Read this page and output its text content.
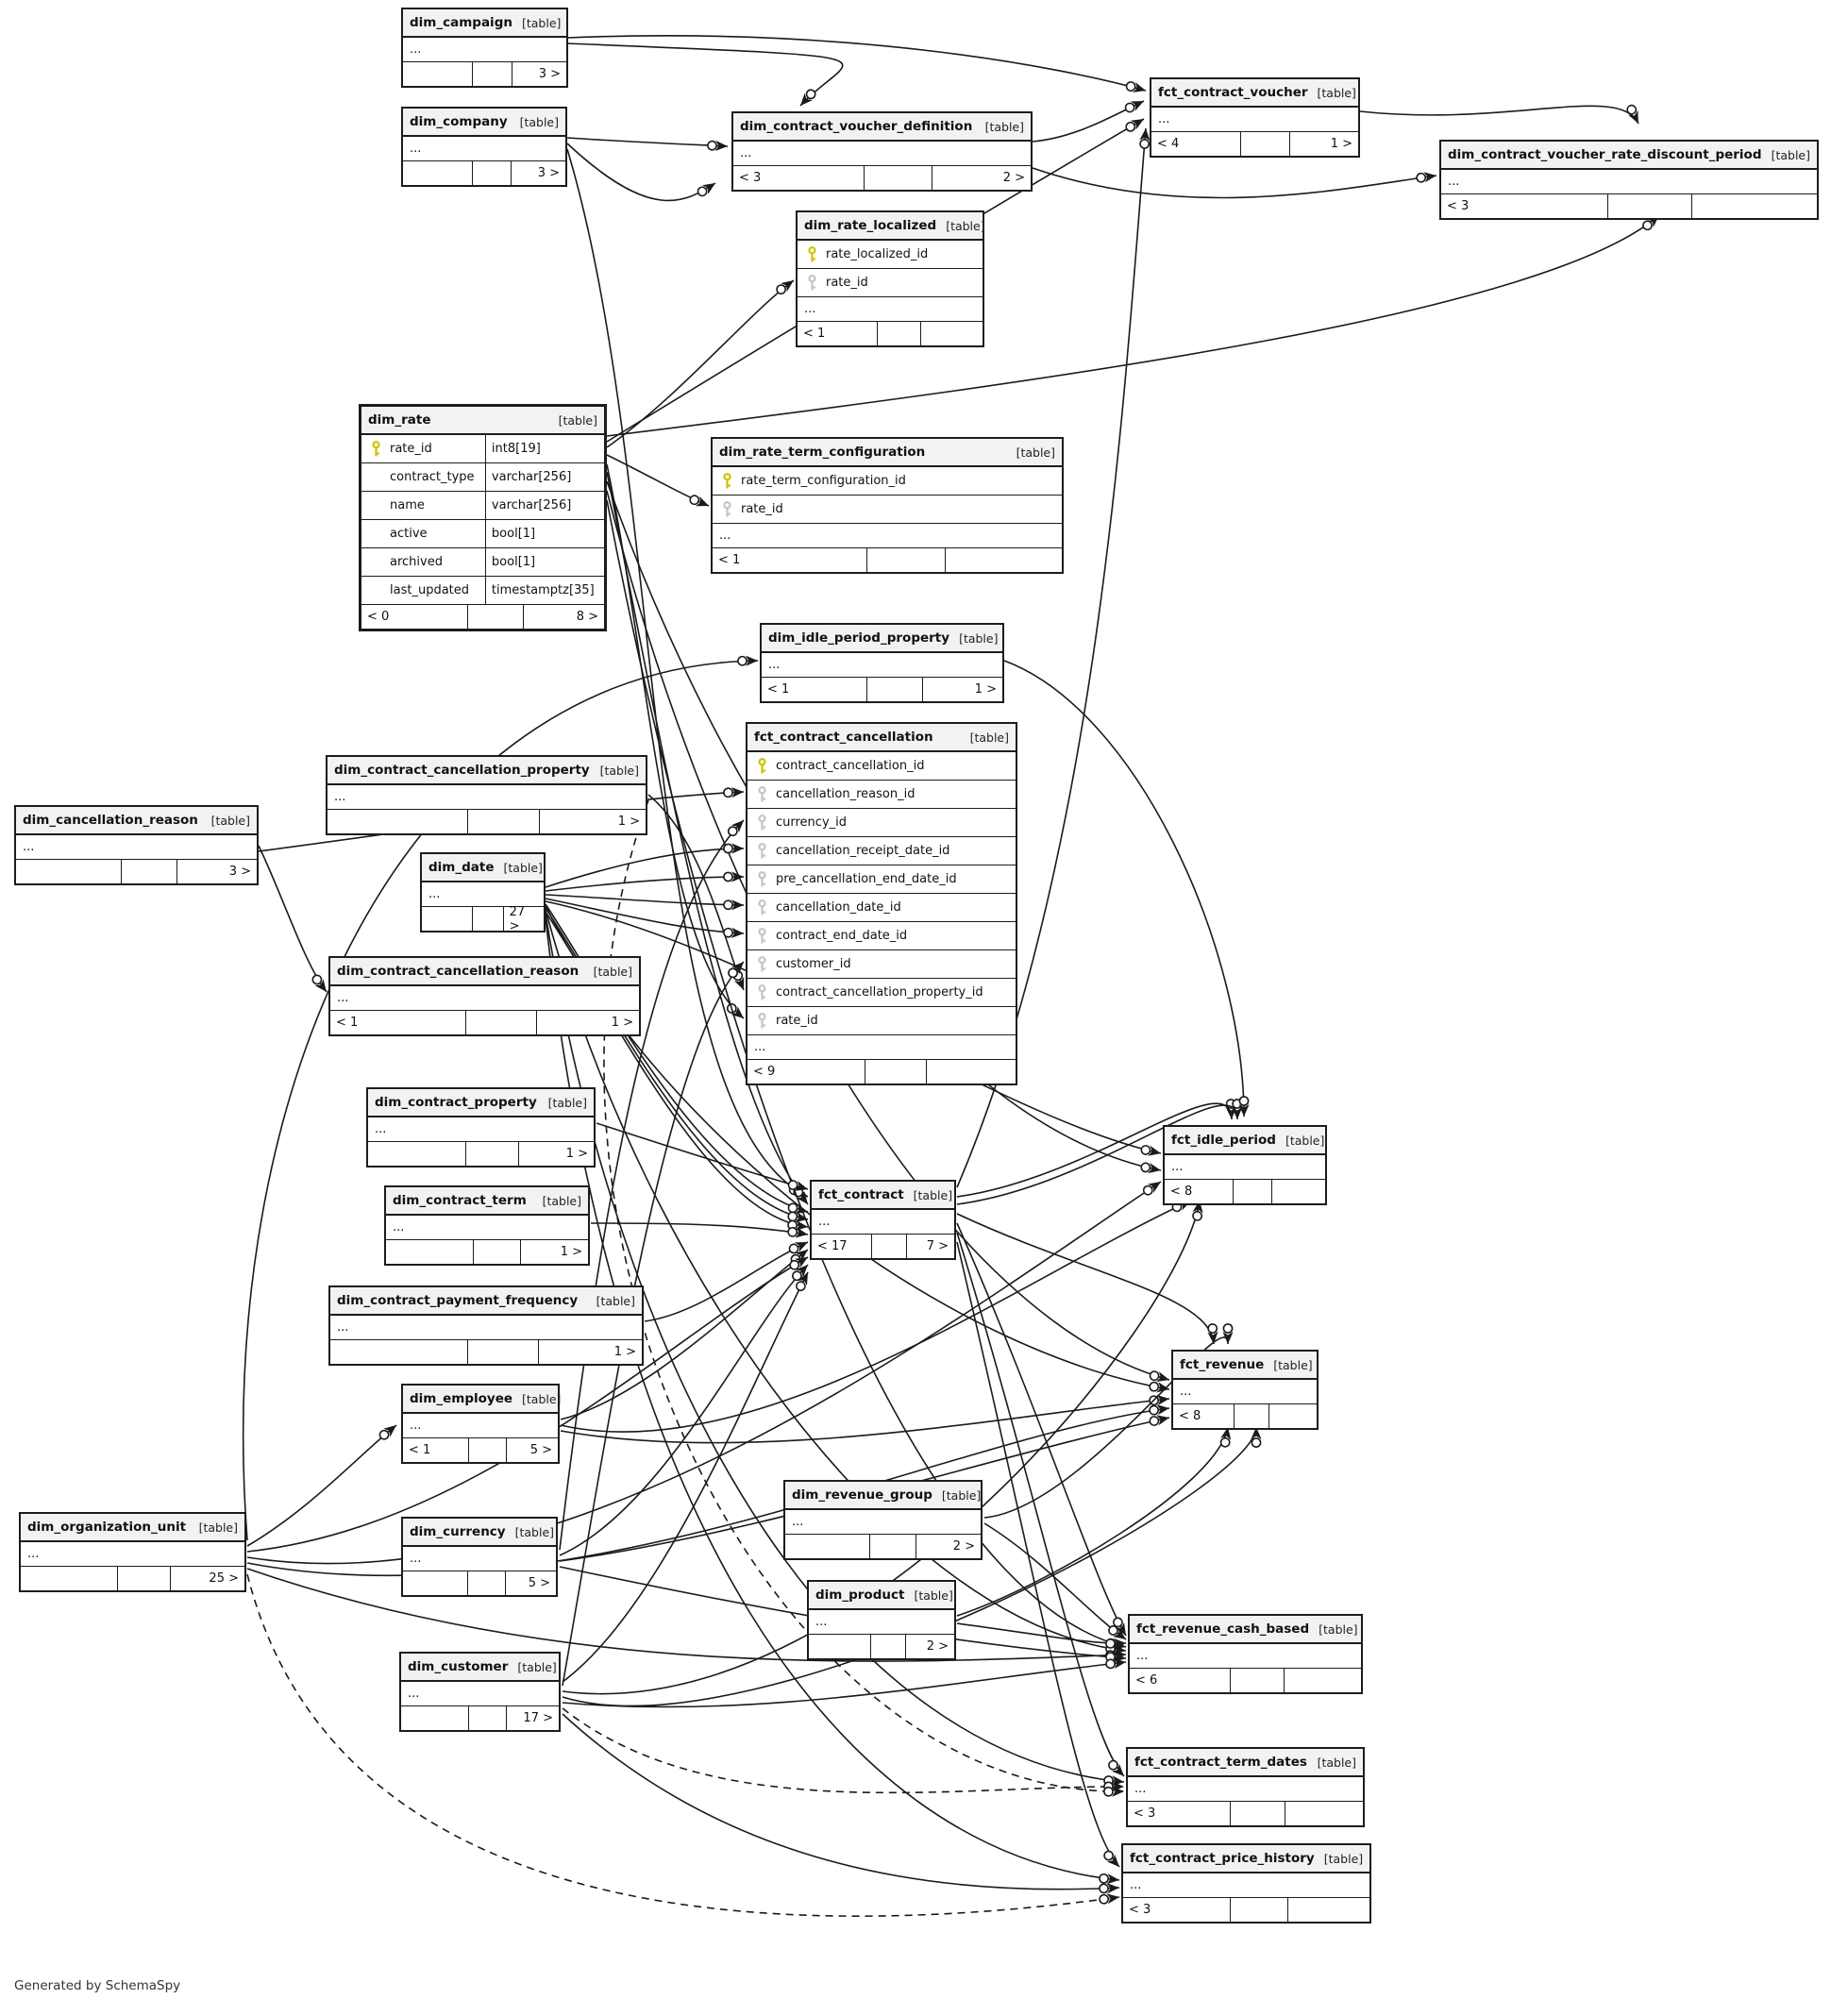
dim_campaign [table]
...
3 >
dim_company [table]
...
3 >
dim_contract_voucher_definition [table]
...
< 3	2 >
fct_contract_voucher [table]
...
< 4	1 >
dim_contract_voucher_rate_discount_period [table]
...
< 3
dim_rate_localized [table]
rate_localized_id
rate_id
...
< 1
dim_rate	[table]
rate_id	int8[19]
contract_type	varchar[256]
name	varchar[256]
active	bool[1]
archived	bool[1]
last_updated	timestamptz[35]
< 0	8 >
dim_rate_term_configuration	[table]
rate_term_configuration_id
rate_id
...
< 1
dim_idle_period_property [table]
...
< 1	1 >
fct_contract_cancellation	[table]
contract_cancellation_id
cancellation_reason_id
currency_id
cancellation_receipt_date_id
pre_cancellation_end_date_id
cancellation_date_id
contract_end_date_id
customer_id
contract_cancellation_property_id
rate_id
...
< 9
dim_contract_cancellation_property [table]
...
1 >
dim_cancellation_reason [table]
...
3 >	dim_date [table]
...
27 >
dim_contract_cancellation_reason [table]
...
< 1	1 >
dim_contract_property [table]
...
1 >
dim_contract_term [table]
...
1 >
dim_contract_payment_frequency [table]
...
1 >
dim_employee [table]
...
< 1	5 >
fct_contract [table]
...
< 17	7 >
fct_idle_period [table]
...
< 8
fct_revenue [table]
...
< 8
dim_organization_unit [table]
...
25 >
dim_currency [table]
...
5 >
dim_revenue_group [table]
...
2 >
dim_product [table]
...
2 >
dim_customer [table]
...
17 >
fct_revenue_cash_based [table]
...
< 6
fct_contract_term_dates [table]
...
< 3
fct_contract_price_history [table]
...
< 3
Generated by SchemaSpy
